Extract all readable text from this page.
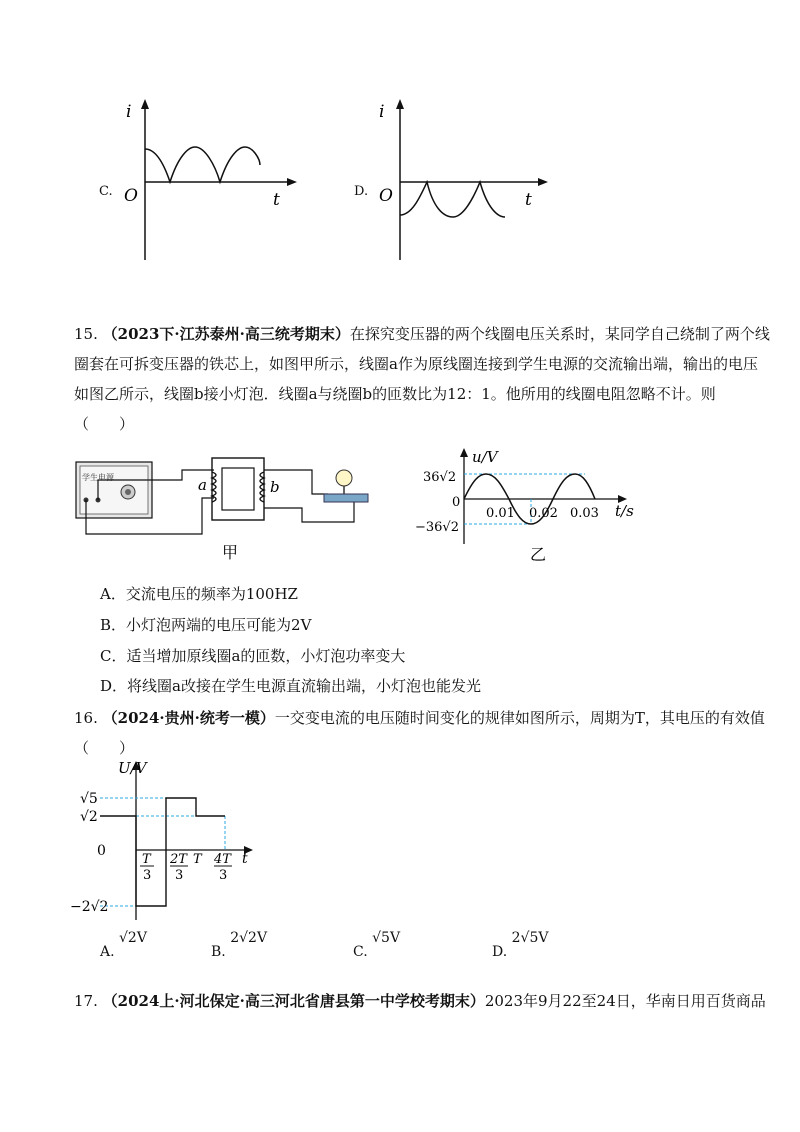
C.
i
t
O	D.
i
t
O
15. （2023下·江苏泰州·高三统考期末）在探究变压器的两个线圈电压关系时，某同学自己绕制了两个线
圈套在可拆变压器的铁芯上，如图甲所示，线圈a作为原线圈连接到学生电源的交流输出端，输出的电压
如图乙所示，线圈b接小灯泡．线圈a与绕圈b的匝数比为12：1。他所用的线圈电阻忽略不计。则
（　　）
学生电源	a	b
甲
u/V
t/s
36√2
0
−36√2
0.01 0.02 0.03
乙
A．交流电压的频率为100HZ
B．小灯泡两端的电压可能为2V
C．适当增加原线圈a的匝数，小灯泡功率变大
D．将线圈a改接在学生电源直流输出端，小灯泡也能发光
16. （2024·贵州·统考一模）一交变电流的电压随时间变化的规律如图所示，周期为T，其电压的有效值
（　　）
U/V
t
√5
√2
0
−2√2
T
3
2T
3
T 4T
3
A. √2V
B. 2√2V
C. √5V
D. 2√5V
17. （2024上·河北保定·高三河北省唐县第一中学校考期末）2023年9月22至24日，华南日用百货商品
